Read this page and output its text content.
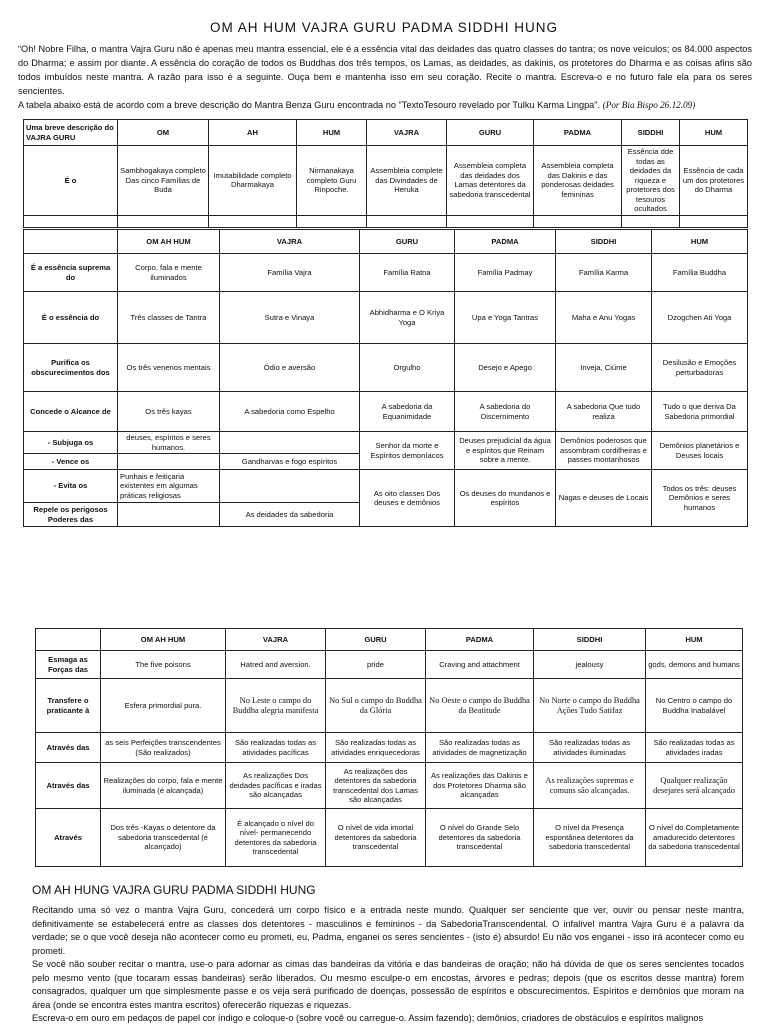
OM AH HUM VAJRA GURU PADMA SIDDHI HUNG
“Oh! Nobre Filha, o mantra Vajra Guru não é apenas meu mantra essencial, ele é a essência vital das deidades das quatro classes do tantra; os nove veículos; os 84.000 aspectos do Dharma; e assim por diante. A essência do coração de todos os Buddhas dos três tempos, os Lamas, as deidades, as dakinis, os protetores do Dharma e as coisas afins são todos imbuídos neste mantra. A razão para isso é a seguinte. Ouça bem e mantenha isso em seu coração. Recite o mantra. Escreva-o e no futuro fale ela para os seres sencientes.
A tabela abaixo está de acordo com a breve descrição do Mantra Benza Guru encontrada no "TextoTesouro revelado por Tulku Karma Lingpa". (Por Bia Bispo 26.12.09)
Uma breve descrição do VAJRA GURU	OM	AH	HUM	VAJRA	GURU	PADMA	SIDDHI	HUM
É o	Sambhogakaya completo Das cinco Famílias de Buda	Imutabilidade completo Dharmakaya	Nirmanakaya completo Guru Rinpoche.	Assembleia complete das Divindades de Heruka	Assembleia completa das deidades dos Lamas detentores da sabedoria transcedental	Assembleia completa das Dakinis e das ponderosas deidades femininas	Essência dde todas as deidades da riqueza e protetores dos tesouros ocultados	Essência de cada um dos protetores do Dharma

	OM AH HUM	VAJRA	GURU	PADMA	SIDDHI	HUM
É a essência suprema do	Corpo, fala e mente iluminados	Família Vajra	Família Ratna	Família Padmay	Família Karma	Família Buddha
É o essência do	Três classes de Tantra	Sutra e Vinaya	Abhidharma e O Kriya Yoga	Upa e Yoga Tantras	Maha e Anu Yogas	Dzogchen Ati Yoga
Purifica os obscurecimentos dos	Os três venenos mentais	Ódio e aversão	Orgulho	Desejo e Apego	Inveja, Ciúme	Desilusão e Emoções perturbadoras
Concede o Alcance de	Os três kayas	A sabedoria como Espelho	A sabedoria da Equanimidade	A sabedoria do Discernimento	A sabedoria Que tudo realiza	Tudo o que deriva Da Sabedoria primordial
- Subjuga os	deuses, espíritos e seres humanos.		Senhor da morte e Espíritos demoníacos	Deuses prejudicial da água e espíritos que Reinam sobre a mente.	Demônios poderosos que assombram cordilheiras e passes montanhosos	Demônios planetários e Deuses locais
- Vence os		Gandharvas e fogo espíritos				
- Evita os	Punhais e feitiçaria existentes em algumas práticas religiosas		As oito classes Dos deuses e demônios	Os deuses do mundanos e espíritos	Nagas e deuses de Locais	Todos os três: deuses Demônios e seres humanos
Repele os perigosos Poderes das		As deidades da sabedoria				
	OM AH HUM	VAJRA	GURU	PADMA	SIDDHI	HUM
Esmaga as Forças das	The five poisons	Hatred and aversion.	pride	Craving and attachment	jealousy	gods, demons and humans
Transfere o praticante à	Esfera primordial pura.	No Leste o campo do Buddha alegria manifesta	No Sul o campo do Buddha da Glória	No Oeste o campo do Buddha da Beatitude	No Norte o campo do Buddha Ações Tudo Satifaz	No Centro o campo do Buddha Inabalável
Através das	as seis Perfeições transcendentes (São realizados)	São realizadas todas as atividades pacíficas	São realizadas todas as atividades enriquecedoras	São realizadas todas as atividades de magnetização	São realizadas todas as atividades iluminadas	São realizadas todas as atividades iradas
Através das	Realizações do corpo, fala e mente iluminada (é alcançada)	As realizações Dos deidades pacíficas e iradas são alcançadas	As realizações dos detentores da sabedoria transcedental dos Lamas são alcançadas	As realizações das Dakinis e dos Protetores Dharma são alcançadas	As realizações supremas e comuns são alcançadas.	Qualquer realização desejares será alcançado
Através	Dos três -Kayas o detentore da sabedoria transcedental (é alcançado)	É alcançado o nível do nível- permanecendo detentores da sabedoria transcedental	O nível de vida imortal detentores da sabedoria transcedental	O nível do Grande Selo detentores da sabedoria transcedental	O nível da Presença espontânea detentores da sabedoria transcedental	O nível do Completamente amadurecido detentores da sabedoria transcedental
OM AH HUNG VAJRA GURU PADMA SIDDHI HUNG

Recitando uma só vez o mantra Vajra Guru, concederá um corpo físico e a entrada neste mundo. Qualquer ser senciente que ver, ouvir ou pensar neste mantra, definitivamente se estabelecerá entre as classes dos detentores - masculinos e femininos - da SabedoriaTranscendental. O infalível mantra Vajra Guru é a palavra da verdade; se o que você deseja não acontecer como eu prometi, eu, Padma, enganei os seres sencientes - (isto é) absurdo! Eu não vos enganei - isso irá acontecer como eu prometi.

Se você não souber recitar o mantra, use-o para adornar as cimas das bandeiras da vitória e das bandeiras de oração; não há dúvida de que os seres sencientes tocados pelo mesmo vento (que tocaram essas bandeiras) serão liberados. Ou mesmo esculpe-o em encostas, árvores e pedras; depois (que os escritos desse mantra) forem consagrados, qualquer um que simplesmente passe e os veja será purificado de doenças, possessão de espíritos e obscurecimentos. Espíritos e demônios que moram na área (onde se encontra estes mantra escritos) oferecerão riquezas e riquezas.

Escreva-o em ouro em pedaços de papel cor índigo e coloque-o (sobre você ou carregue-o. Assim fazendo); demônios, criadores de obstáculos e espíritos malignos
